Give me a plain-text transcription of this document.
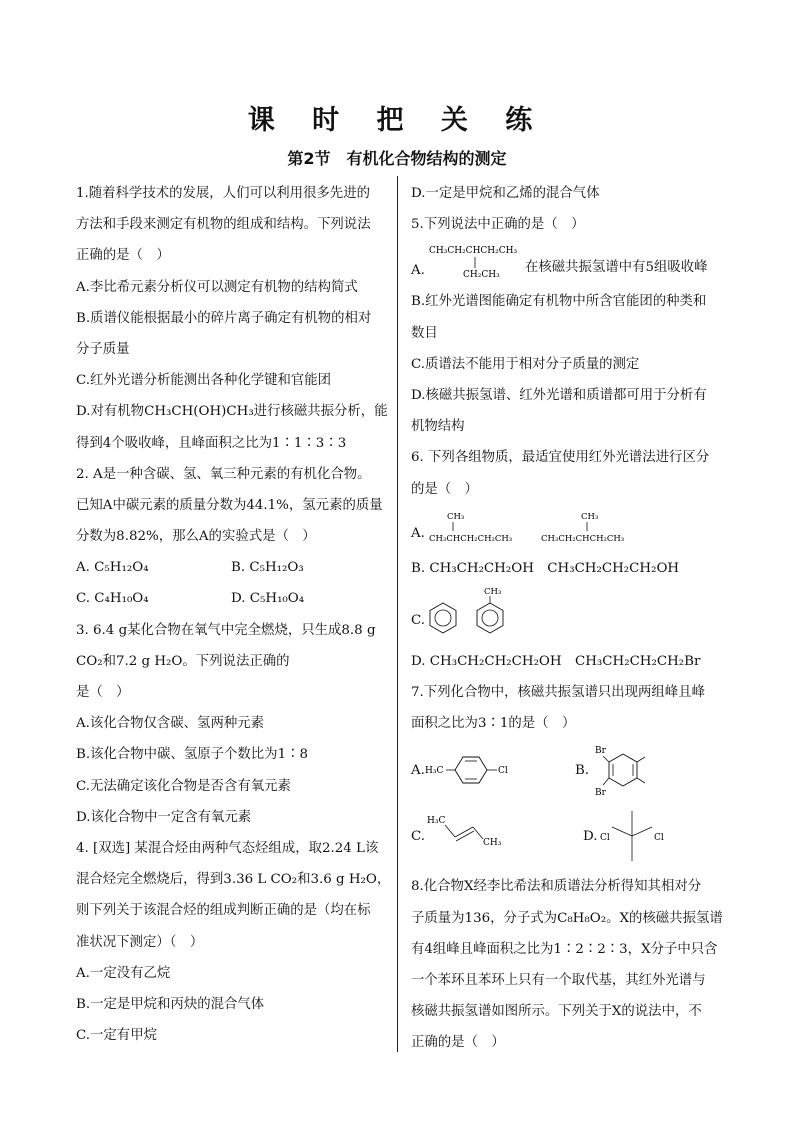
课 时 把 关 练
第2节　有机化合物结构的测定
1.随着科学技术的发展，人们可以利用很多先进的
方法和手段来测定有机物的组成和结构。下列说法
正确的是（　）
A.李比希元素分析仪可以测定有机物的结构简式
B.质谱仪能根据最小的碎片离子确定有机物的相对
分子质量
C.红外光谱分析能测出各种化学键和官能团
D.对有机物CH₃CH(OH)CH₃进行核磁共振分析，能
得到4个吸收峰，且峰面积之比为1∶1∶3∶3
2. A是一种含碳、氢、氧三种元素的有机化合物。
已知A中碳元素的质量分数为44.1%，氢元素的质量
分数为8.82%，那么A的实验式是（　）
A. C₅H₁₂O₄	B. C₅H₁₂O₃
C. C₄H₁₀O₄	D. C₅H₁₀O₄
3. 6.4 g某化合物在氧气中完全燃烧，只生成8.8 g
CO₂和7.2 g H₂O。下列说法正确的
是（　）
A.该化合物仅含碳、氢两种元素
B.该化合物中碳、氢原子个数比为1∶8
C.无法确定该化合物是否含有氧元素
D.该化合物中一定含有氧元素
4. [双选] 某混合烃由两种气态烃组成，取2.24 L该
混合烃完全燃烧后，得到3.36 L CO₂和3.6 g H₂O，
则下列关于该混合烃的组成判断正确的是（均在标
准状况下测定）（　）
A.一定没有乙烷
B.一定是甲烷和丙炔的混合气体
C.一定有甲烷
D.一定是甲烷和乙烯的混合气体
5.下列说法中正确的是（　）
A.
CH₃CH₂CHCH₂CH₃
CH₂CH₃
在核磁共振氢谱中有5组吸收峰
B.红外光谱图能确定有机物中所含官能团的种类和
数目
C.质谱法不能用于相对分子质量的测定
D.核磁共振氢谱、红外光谱和质谱都可用于分析有
机物结构
6. 下列各组物质，最适宜使用红外光谱法进行区分
的是（　）
A.
CH₃
CH₃CHCH₂CH₂CH₃
CH₃
CH₃CH₂CHCH₂CH₃
B. CH₃CH₂CH₂OH　CH₃CH₂CH₂CH₂OH
C.
CH₃
D. CH₃CH₂CH₂CH₂OH　CH₃CH₂CH₂CH₂Br
7.下列化合物中，核磁共振氢谱只出现两组峰且峰
面积之比为3∶1的是（　）
A. H₃C	Cl	B.
Br
Br
C.
H₃C
CH₃	D. Cl	Cl
8.化合物X经李比希法和质谱法分析得知其相对分
子质量为136，分子式为C₈H₈O₂。X的核磁共振氢谱
有4组峰且峰面积之比为1∶2∶2∶3，X分子中只含
一个苯环且苯环上只有一个取代基，其红外光谱与
核磁共振氢谱如图所示。下列关于X的说法中，不
正确的是（　）
